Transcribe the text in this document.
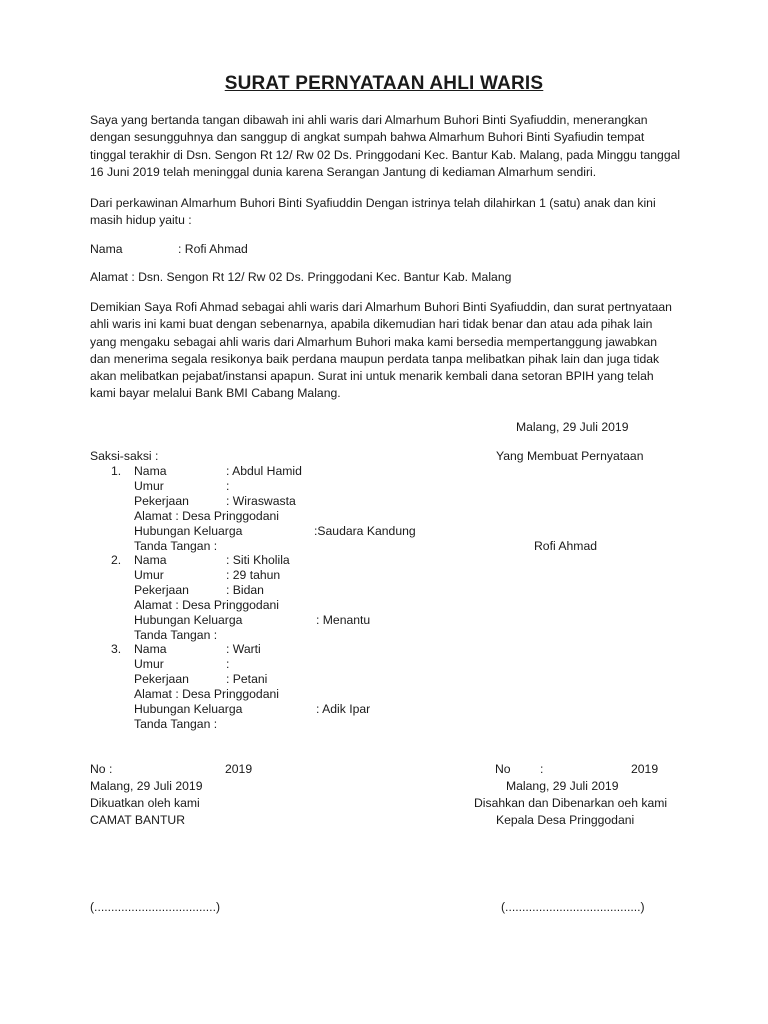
SURAT PERNYATAAN AHLI WARIS
Saya yang bertanda tangan dibawah ini ahli waris dari Almarhum Buhori Binti Syafiuddin, menerangkan
dengan sesungguhnya dan sanggup di angkat sumpah bahwa Almarhum Buhori Binti Syafiudin tempat
tinggal terakhir di Dsn. Sengon Rt 12/ Rw 02 Ds. Pringgodani Kec. Bantur Kab. Malang, pada Minggu tanggal
16 Juni 2019 telah meninggal dunia karena Serangan Jantung di kediaman Almarhum sendiri.
Dari perkawinan Almarhum Buhori Binti Syafiuddin Dengan istrinya telah dilahirkan 1 (satu) anak dan kini
masih hidup yaitu :
Nama	: Rofi Ahmad
Alamat : Dsn. Sengon Rt 12/ Rw 02 Ds. Pringgodani Kec. Bantur Kab. Malang
Demikian Saya Rofi Ahmad sebagai ahli waris dari Almarhum Buhori Binti Syafiuddin, dan surat pertnyataan
ahli waris ini kami buat dengan sebenarnya, apabila dikemudian hari tidak benar dan atau ada pihak lain
yang mengaku sebagai ahli waris dari Almarhum Buhori maka kami bersedia mempertanggung jawabkan
dan menerima segala resikonya baik perdana maupun perdata tanpa melibatkan pihak lain dan juga tidak
akan melibatkan pejabat/instansi apapun. Surat ini untuk menarik kembali dana setoran BPIH yang telah
kami bayar melalui Bank BMI Cabang Malang.
Malang, 29 Juli 2019
Saksi-saksi :	Yang Membuat Pernyataan
Rofi Ahmad
1. Nama	: Abdul Hamid
Umur	:
Pekerjaan	: Wiraswasta
Alamat : Desa Pringgodani
Hubungan Keluarga	:Saudara Kandung
Tanda Tangan :
2. Nama	: Siti Kholila
Umur	: 29 tahun
Pekerjaan	: Bidan
Alamat : Desa Pringgodani
Hubungan Keluarga	: Menantu
Tanda Tangan :
3. Nama	: Warti
Umur	:
Pekerjaan	: Petani
Alamat : Desa Pringgodani
Hubungan Keluarga	: Adik Ipar
Tanda Tangan :
No :	2019
Malang, 29 Juli 2019
Dikuatkan oleh kami
CAMAT BANTUR
(....................................)
No :	2019
Malang, 29 Juli 2019
Disahkan dan Dibenarkan oeh kami
Kepala Desa Pringgodani
(........................................)
